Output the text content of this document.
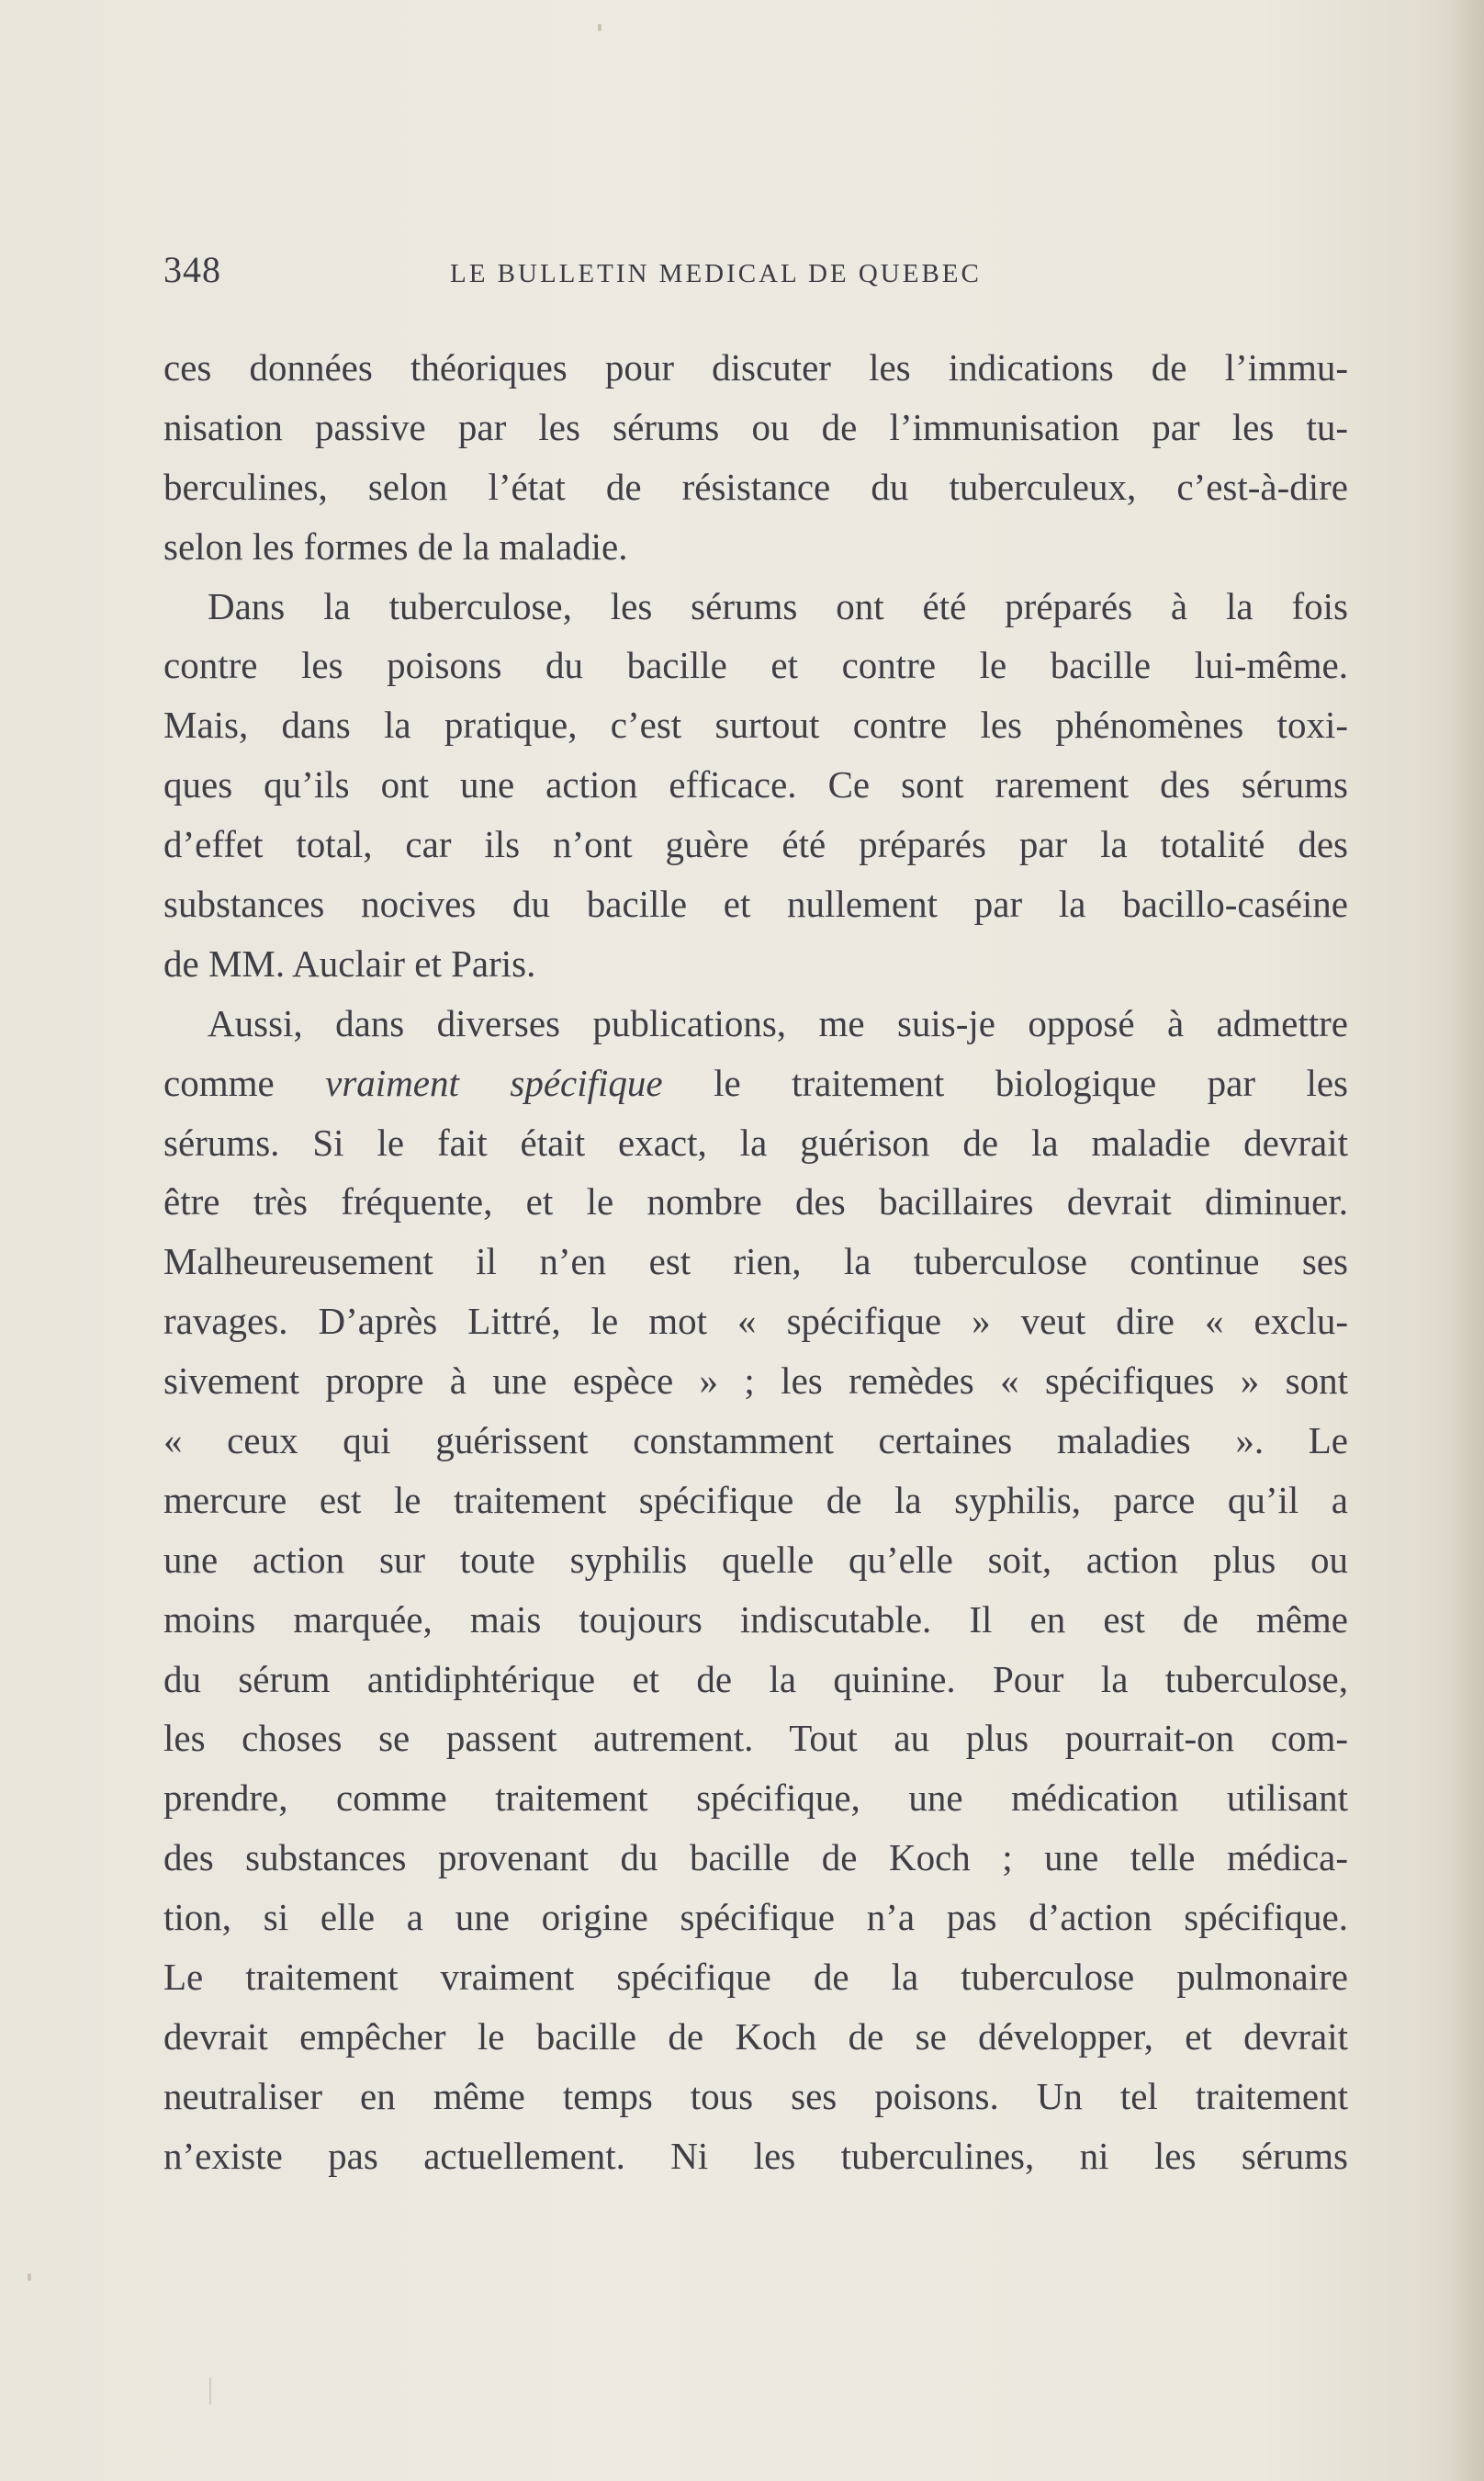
348	LE BULLETIN MEDICAL DE QUEBEC
ces données théoriques pour discuter les indications de l’immu-
nisation passive par les sérums ou de l’immunisation par les tu-
berculines, selon l’état de résistance du tuberculeux, c’est-à-dire
selon les formes de la maladie.
Dans la tuberculose, les sérums ont été préparés à la fois
contre les poisons du bacille et contre le bacille lui-même.
Mais, dans la pratique, c’est surtout contre les phénomènes toxi-
ques qu’ils ont une action efficace. Ce sont rarement des sérums
d’effet total, car ils n’ont guère été préparés par la totalité des
substances nocives du bacille et nullement par la bacillo-caséine
de MM. Auclair et Paris.
Aussi, dans diverses publications, me suis-je opposé à admettre
comme vraiment spécifique le traitement biologique par les
sérums. Si le fait était exact, la guérison de la maladie devrait
être très fréquente, et le nombre des bacillaires devrait diminuer.
Malheureusement il n’en est rien, la tuberculose continue ses
ravages. D’après Littré, le mot « spécifique » veut dire « exclu-
sivement propre à une espèce » ; les remèdes « spécifiques » sont
« ceux qui guérissent constamment certaines maladies ». Le
mercure est le traitement spécifique de la syphilis, parce qu’il a
une action sur toute syphilis quelle qu’elle soit, action plus ou
moins marquée, mais toujours indiscutable. Il en est de même
du sérum antidiphtérique et de la quinine. Pour la tuberculose,
les choses se passent autrement. Tout au plus pourrait-on com-
prendre, comme traitement spécifique, une médication utilisant
des substances provenant du bacille de Koch ; une telle médica-
tion, si elle a une origine spécifique n’a pas d’action spécifique.
Le traitement vraiment spécifique de la tuberculose pulmonaire
devrait empêcher le bacille de Koch de se développer, et devrait
neutraliser en même temps tous ses poisons. Un tel traitement
n’existe pas actuellement. Ni les tuberculines, ni les sérums
